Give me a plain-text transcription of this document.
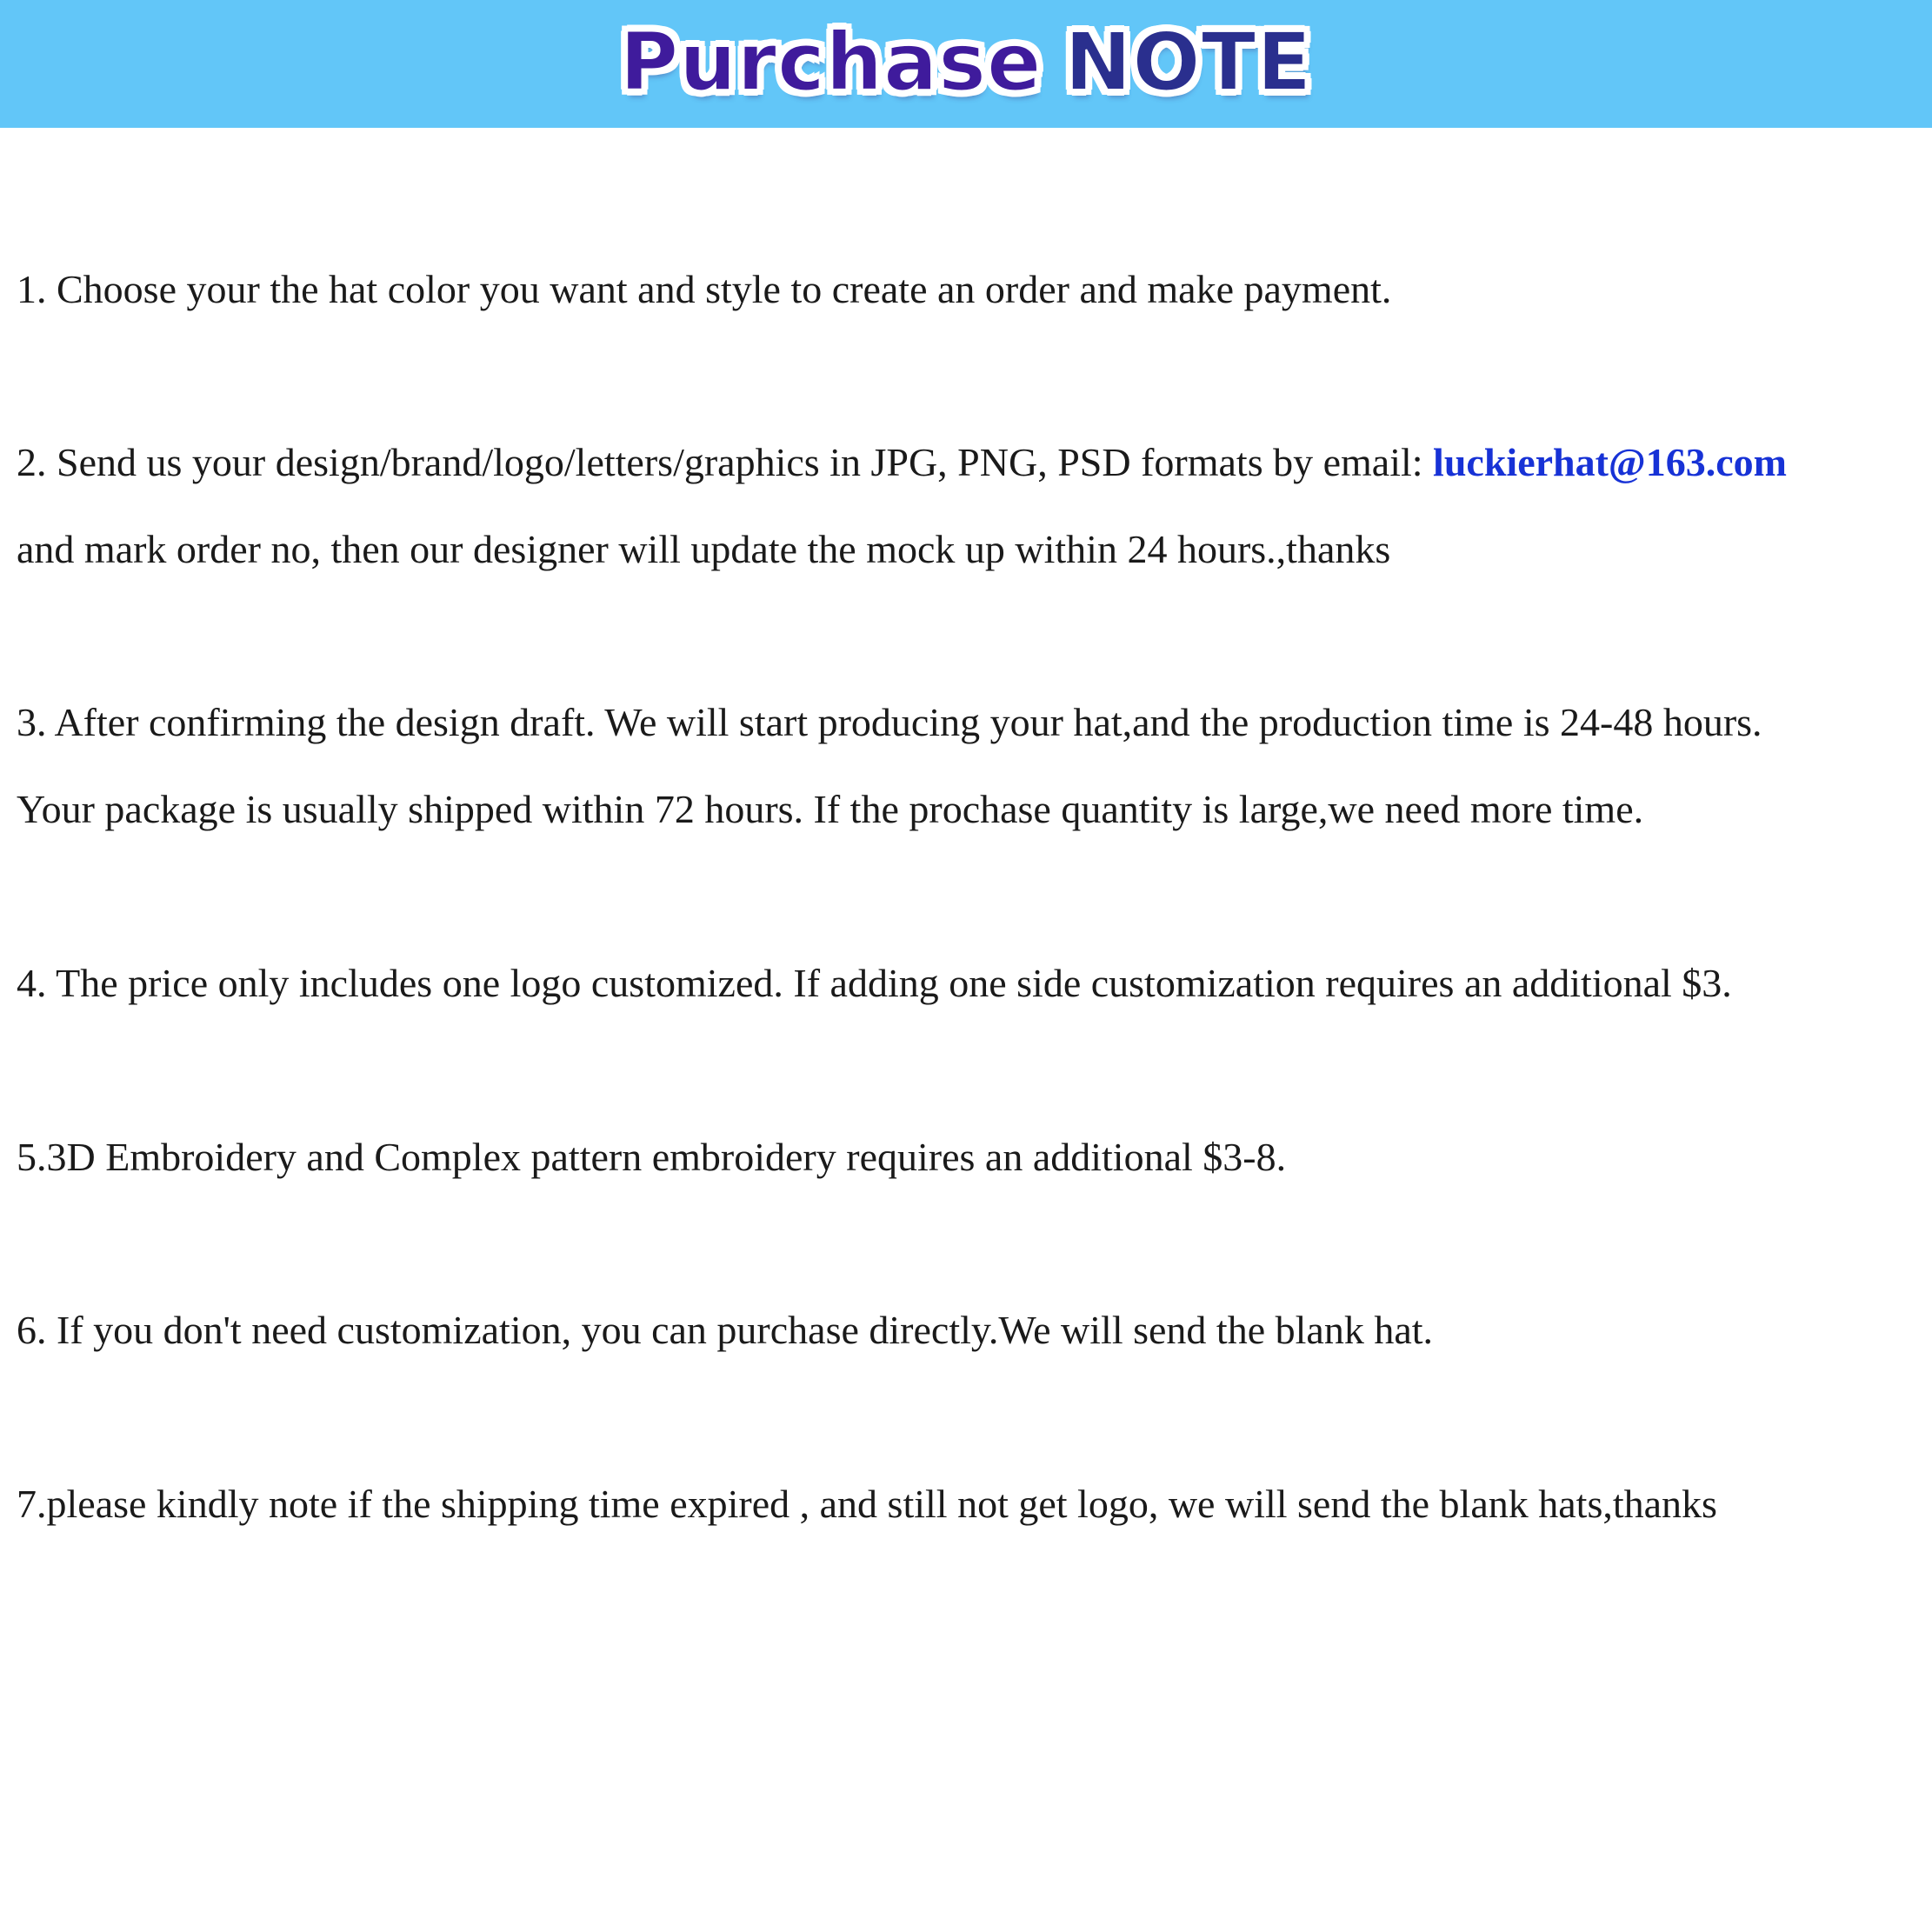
Purchase NOTE
1. Choose your the hat color you want and style to create an order and make payment.
2. Send us your design/brand/logo/letters/graphics in JPG, PNG, PSD formats by email: luckierhat@163.com
and mark order no, then our designer will update the mock up within 24 hours.,thanks
3. After confirming the design draft. We will start producing your hat,and the production time is 24-48 hours.
Your package is usually shipped within 72 hours. If the prochase quantity is large,we need more time.
4. The price only includes one logo customized. If adding one side customization requires an additional $3.
5.3D Embroidery and Complex pattern embroidery requires an additional $3-8.
6. If you don't need customization, you can purchase directly.We will send the blank hat.
7.please kindly note if the shipping time expired , and still not get logo, we will send the blank hats,thanks
